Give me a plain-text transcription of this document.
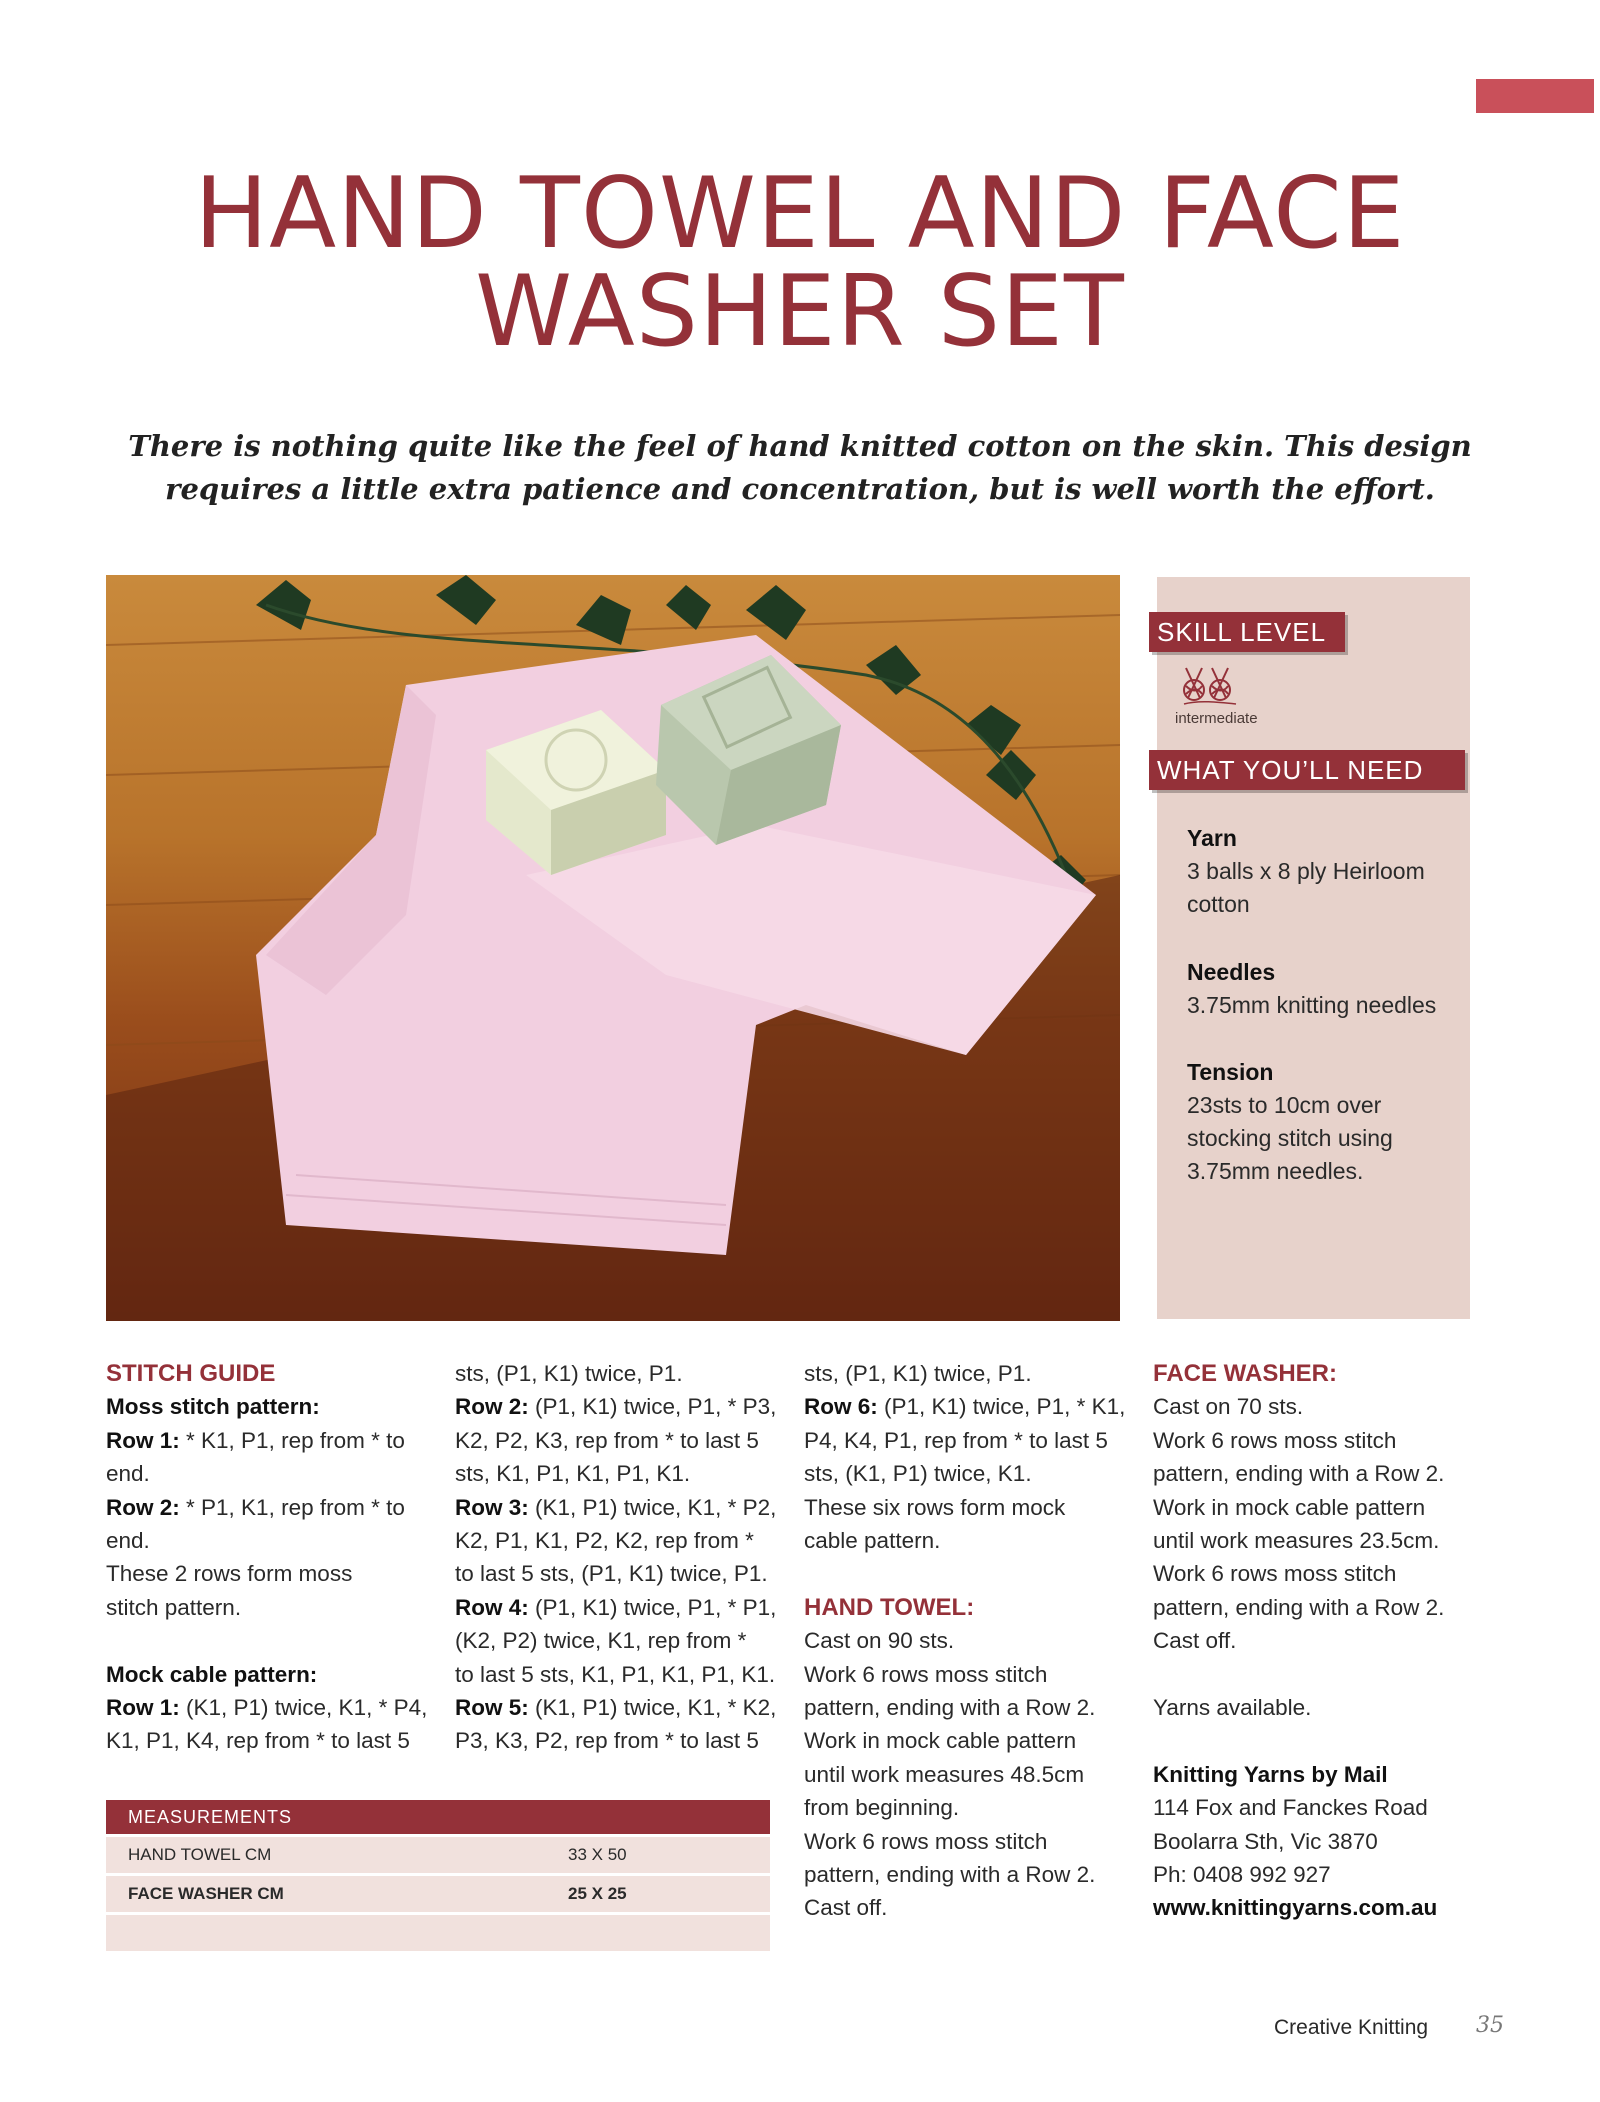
HAND TOWEL AND FACE
WASHER SET
There is nothing quite like the feel of hand knitted cotton on the skin. This design requires a little extra patience and concentration, but is well worth the effort.
SKILL LEVEL
intermediate
WHAT YOU’LL NEED
Yarn
3 balls x 8 ply Heirloom
cotton
Needles
3.75mm knitting needles
Tension
23sts to 10cm over
stocking stitch using
3.75mm needles.

STITCH GUIDE

Moss stitch pattern:

Row 1: * K1, P1, rep from * to

end.

Row 2: * P1, K1, rep from * to

end.

These 2 rows form moss

stitch pattern.

Mock cable pattern:

Row 1: (K1, P1) twice, K1, * P4,

K1, P1, K4, rep from * to last 5

sts, (P1, K1) twice, P1.

Row 2: (P1, K1) twice, P1, * P3,

K2, P2, K3, rep from * to last 5

sts, K1, P1, K1, P1, K1.

Row 3: (K1, P1) twice, K1, * P2,

K2, P1, K1, P2, K2, rep from *

to last 5 sts, (P1, K1) twice, P1.

Row 4: (P1, K1) twice, P1, * P1,

(K2, P2) twice, K1, rep from *

to last 5 sts, K1, P1, K1, P1, K1.

Row 5: (K1, P1) twice, K1, * K2,

P3, K3, P2, rep from * to last 5

sts, (P1, K1) twice, P1.

Row 6: (P1, K1) twice, P1, * K1,

P4, K4, P1, rep from * to last 5

sts, (K1, P1) twice, K1.

These six rows form mock

cable pattern.

HAND TOWEL:

Cast on 90 sts.

Work 6 rows moss stitch

pattern, ending with a Row 2.

Work in mock cable pattern

until work measures 48.5cm

from beginning.

Work 6 rows moss stitch

pattern, ending with a Row 2.

Cast off.

FACE WASHER:

Cast on 70 sts.

Work 6 rows moss stitch

pattern, ending with a Row 2.

Work in mock cable pattern

until work measures 23.5cm.

Work 6 rows moss stitch

pattern, ending with a Row 2.

Cast off.

Yarns available.

Knitting Yarns by Mail

114 Fox and Fanckes Road

Boolarra Sth, Vic 3870

Ph: 0408 992 927

www.knittingyarns.com.au

MEASUREMENTS
HAND TOWEL CM	33 X 50
FACE WASHER CM	25 X 25
Creative Knitting 35
